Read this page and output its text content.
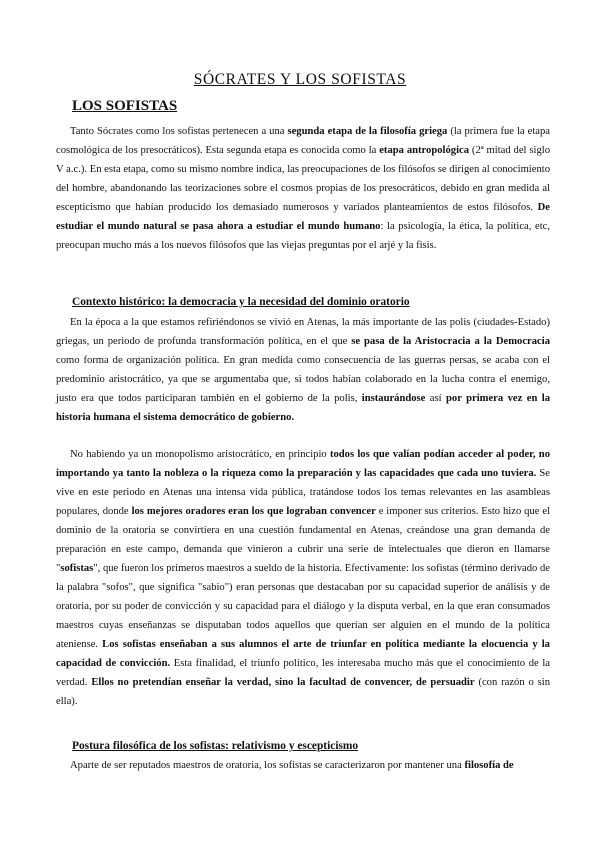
SÓCRATES Y LOS SOFISTAS
LOS SOFISTAS

Tanto Sócrates como los sofistas pertenecen a una segunda etapa de la filosofía griega (la primera fue la etapa cosmológica de los presocráticos). Esta segunda etapa es conocida como la etapa antropológica (2ª mitad del siglo V a.c.). En esta etapa, como su mismo nombre indica, las preocupaciones de los filósofos se dirigen al conocimiento del hombre, abandonando las teorizaciones sobre el cosmos propias de los presocráticos, debido en gran medida al escepticismo que habían producido los demasiado numerosos y variados planteamientos de estos filósofos. De estudiar el mundo natural se pasa ahora a estudiar el mundo humano: la psicología, la ética, la política, etc, preocupan mucho más a los nuevos filósofos que las viejas preguntas por el arjé y la fisis.

Contexto histórico: la democracia y la necesidad del dominio oratorio

En la época a la que estamos refiriéndonos se vivió en Atenas, la más importante de las polis (ciudades-Estado) griegas, un periodo de profunda transformación política, en el que se pasa de la Aristocracia a la Democracia como forma de organización política. En gran medida como consecuencia de las guerras persas, se acaba con el predominio aristocrático, ya que se argumentaba que, si todos habían colaborado en la lucha contra el enemigo, justo era que todos participaran también en el gobierno de la polis, instaurándose así por primera vez en la historia humana el sistema democrático de gobierno.

No habiendo ya un monopolismo aristocrático, en principio todos los que valían podían acceder al poder, no importando ya tanto la nobleza o la riqueza como la preparación y las capacidades que cada uno tuviera. Se vive en este periodo en Atenas una intensa vida pública, tratándose todos los temas relevantes en las asambleas populares, donde los mejores oradores eran los que lograban convencer e imponer sus criterios. Esto hizo que el dominio de la oratoria se convirtiera en una cuestión fundamental en Atenas, creándose una gran demanda de preparación en este campo, demanda que vinieron a cubrir una serie de intelectuales que dieron en llamarse "sofistas", que fueron los primeros maestros a sueldo de la historia. Efectivamente: los sofistas (término derivado de la palabra "sofos", que significa "sabio") eran personas que destacaban por su capacidad superior de análisis y de oratoria, por su poder de convicción y su capacidad para el diálogo y la disputa verbal, en la que eran consumados maestros cuyas enseñanzas se disputaban todos aquellos que querían ser alguien en el mundo de la política ateniense. Los sofistas enseñaban a sus alumnos el arte de triunfar en política mediante la elocuencia y la capacidad de convicción. Esta finalidad, el triunfo político, les interesaba mucho más que el conocimiento de la verdad. Ellos no pretendían enseñar la verdad, sino la facultad de convencer, de persuadir (con razón o sin ella).

Postura filosófica de los sofistas: relativismo y escepticismo

Aparte de ser reputados maestros de oratoria, los sofistas se caracterizaron por mantener una filosofía de
